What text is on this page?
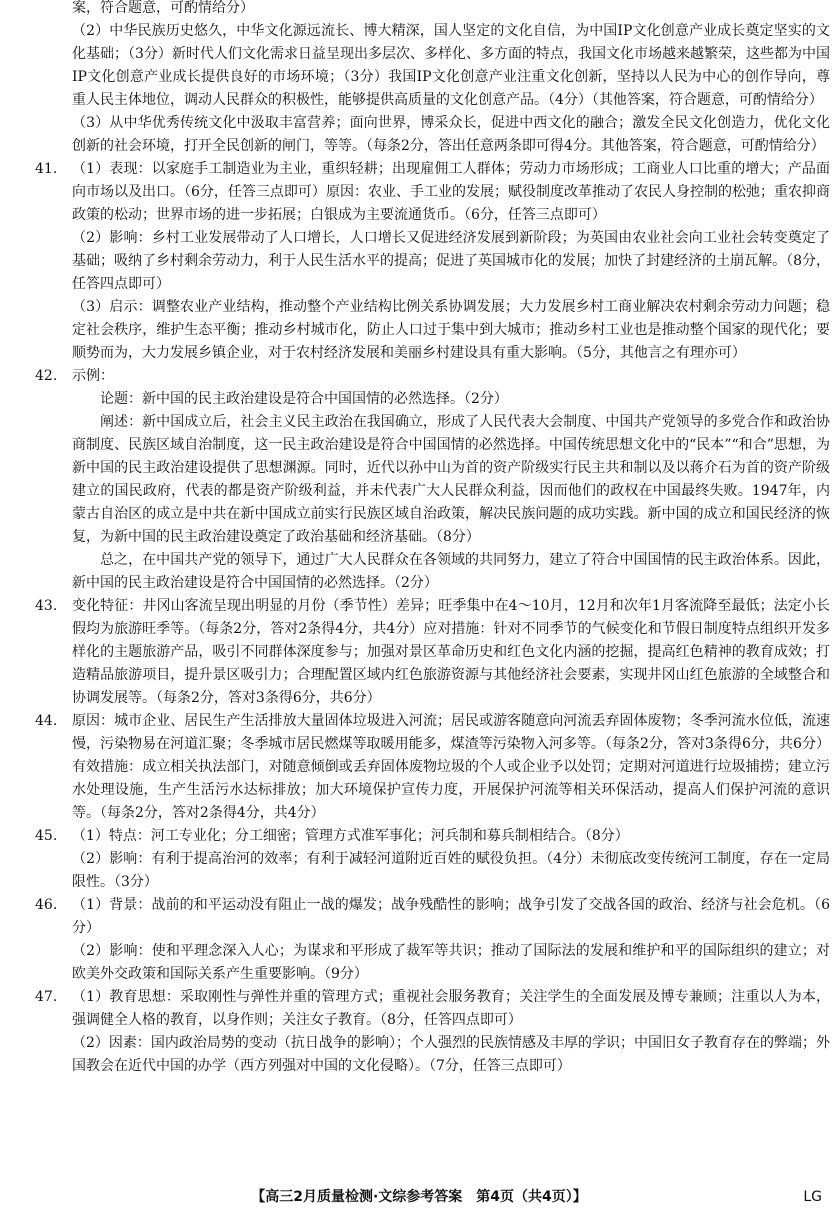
案，符合题意，可酌情给分）

（2）中华民族历史悠久，中华文化源远流长、博大精深，国人坚定的文化自信，为中国IP文化创意产业成长奠定坚实的文化基础；（3分）新时代人们文化需求日益呈现出多层次、多样化、多方面的特点，我国文化市场越来越繁荣，这些都为中国IP文化创意产业成长提供良好的市场环境；（3分）我国IP文化创意产业注重文化创新，坚持以人民为中心的创作导向，尊重人民主体地位，调动人民群众的积极性，能够提供高质量的文化创意产品。（4分）（其他答案，符合题意，可酌情给分）

（3）从中华优秀传统文化中汲取丰富营养；面向世界，博采众长，促进中西文化的融合；激发全民文化创造力，优化文化创新的社会环境，打开全民创新的闸门，等等。（每条2分，答出任意两条即可得4分。其他答案，符合题意，可酌情给分）

41. （1）表现：以家庭手工制造业为主业，重织轻耕；出现雇佣工人群体；劳动力市场形成；工商业人口比重的增大；产品面向市场以及出口。（6分，任答三点即可）原因：农业、手工业的发展；赋役制度改革推动了农民人身控制的松弛；重农抑商政策的松动；世界市场的进一步拓展；白银成为主要流通货币。（6分，任答三点即可）

（2）影响：乡村工业发展带动了人口增长，人口增长又促进经济发展到新阶段；为英国由农业社会向工业社会转变奠定了基础；吸纳了乡村剩余劳动力，利于人民生活水平的提高；促进了英国城市化的发展；加快了封建经济的土崩瓦解。（8分，任答四点即可）

（3）启示：调整农业产业结构，推动整个产业结构比例关系协调发展；大力发展乡村工商业解决农村剩余劳动力问题；稳定社会秩序，维护生态平衡；推动乡村城市化，防止人口过于集中到大城市；推动乡村工业也是推动整个国家的现代化；要顺势而为，大力发展乡镇企业，对于农村经济发展和美丽乡村建设具有重大影响。（5分，其他言之有理亦可）

42. 示例：

论题：新中国的民主政治建设是符合中国国情的必然选择。（2分）

阐述：新中国成立后，社会主义民主政治在我国确立，形成了人民代表大会制度、中国共产党领导的多党合作和政治协商制度、民族区域自治制度，这一民主政治建设是符合中国国情的必然选择。中国传统思想文化中的“民本”“和合”思想，为新中国的民主政治建设提供了思想渊源。同时，近代以孙中山为首的资产阶级实行民主共和制以及以蒋介石为首的资产阶级建立的国民政府，代表的都是资产阶级利益，并未代表广大人民群众利益，因而他们的政权在中国最终失败。1947年，内蒙古自治区的成立是中共在新中国成立前实行民族区域自治政策，解决民族问题的成功实践。新中国的成立和国民经济的恢复，为新中国的民主政治建设奠定了政治基础和经济基础。（8分）

总之，在中国共产党的领导下，通过广大人民群众在各领域的共同努力，建立了符合中国国情的民主政治体系。因此，新中国的民主政治建设是符合中国国情的必然选择。（2分）

43. 变化特征：井冈山客流呈现出明显的月份（季节性）差异；旺季集中在4～10月，12月和次年1月客流降至最低；法定小长假均为旅游旺季等。（每条2分，答对2条得4分，共4分）应对措施：针对不同季节的气候变化和节假日制度特点组织开发多样化的主题旅游产品，吸引不同群体深度参与；加强对景区革命历史和红色文化内涵的挖掘，提高红色精神的教育成效；打造精品旅游项目，提升景区吸引力；合理配置区域内红色旅游资源与其他经济社会要素，实现井冈山红色旅游的全域整合和协调发展等。（每条2分，答对3条得6分，共6分）

44. 原因：城市企业、居民生产生活排放大量固体垃圾进入河流；居民或游客随意向河流丢弃固体废物；冬季河流水位低，流速慢，污染物易在河道汇聚；冬季城市居民燃煤等取暖用能多，煤渣等污染物入河多等。（每条2分，答对3条得6分，共6分）有效措施：成立相关执法部门，对随意倾倒或丢弃固体废物垃圾的个人或企业予以处罚；定期对河道进行垃圾捕捞；建立污水处理设施，生产生活污水达标排放；加大环境保护宣传力度，开展保护河流等相关环保活动，提高人们保护河流的意识等。（每条2分，答对2条得4分，共4分）

45. （1）特点：河工专业化；分工细密；管理方式准军事化；河兵制和募兵制相结合。（8分）

（2）影响：有利于提高治河的效率；有利于减轻河道附近百姓的赋役负担。（4分）未彻底改变传统河工制度，存在一定局限性。（3分）

46. （1）背景：战前的和平运动没有阻止一战的爆发；战争残酷性的影响；战争引发了交战各国的政治、经济与社会危机。（6分）

（2）影响：使和平理念深入人心；为谋求和平形成了裁军等共识；推动了国际法的发展和维护和平的国际组织的建立；对欧美外交政策和国际关系产生重要影响。（9分）

47. （1）教育思想：采取刚性与弹性并重的管理方式；重视社会服务教育；关注学生的全面发展及博专兼顾；注重以人为本，强调健全人格的教育，以身作则；关注女子教育。（8分，任答四点即可）

（2）因素：国内政治局势的变动（抗日战争的影响）；个人强烈的民族情感及丰厚的学识；中国旧女子教育存在的弊端；外国教会在近代中国的办学（西方列强对中国的文化侵略）。（7分，任答三点即可）

【高三2月质量检测·文综参考答案　第4页（共4页）】	LG
